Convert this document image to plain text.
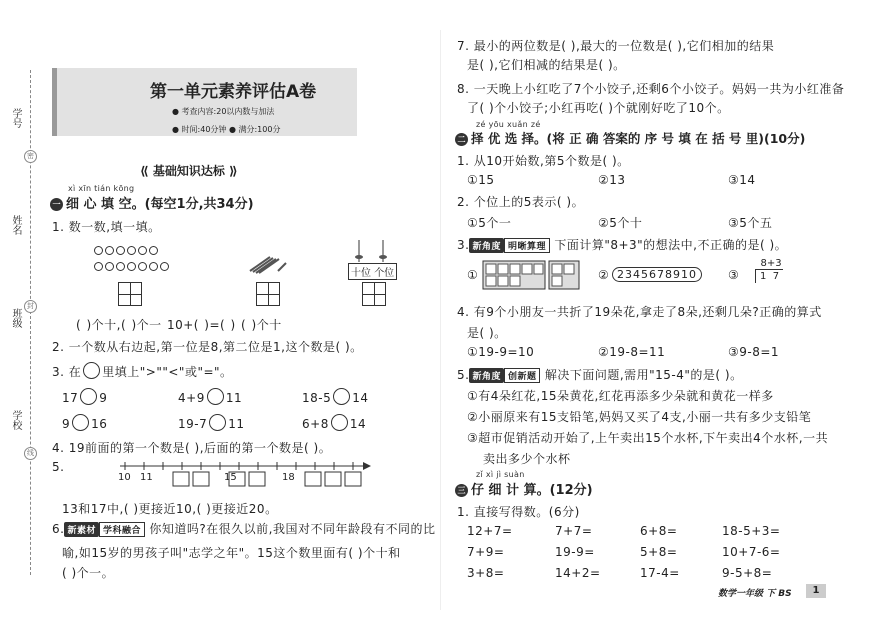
密
封
线
学号
姓名
班级
学校
第一单元素养评估A卷
● 考查内容:20以内数与加法
● 时间:40分钟 ● 满分:100分
⟪ 基础知识达标 ⟫
xì xīn tián kōng
一 细 心 填 空。(每空1分,共34分)
1. 数一数,填一填。
十位 个位
( )个十,( )个一 10+( )=( ) ( )个十
2. 一个数从右边起,第一位是8,第二位是1,这个数是( )。
3. 在 里填上">""<"或"="。
17 9	4+9 11	18-5 14
9 16	19-7 11	6+8 14
4. 19前面的第一个数是( ),后面的第一个数是( )。
5.
10 11	15	18
13和17中,( )更接近10,( )更接近20。
6. 新素材 学科融合 你知道吗?在很久以前,我国对不同年龄段有不同的比
喻,如15岁的男孩子叫"志学之年"。15这个数里面有( )个十和
( )个一。
7. 最小的两位数是( ),最大的一位数是( ),它们相加的结果
是( ),它们相减的结果是( )。
8. 一天晚上小红吃了7个小饺子,还剩6个小饺子。妈妈一共为小红准备
了( )个小饺子;小红再吃( )个就刚好吃了10个。
zé yōu xuǎn zé
二 择 优 选 择。(将 正 确 答案的 序 号 填 在 括 号 里)(10分)
1. 从10开始数,第5个数是( )。
①15	②13	③14
2. 个位上的5表示( )。
①5个一	②5个十	③5个五
3. 新角度 明晰算理 下面计算"8+3"的想法中,不正确的是( )。
①	② 2345678910	③
8+3
1 7
4. 有9个小朋友一共折了19朵花,拿走了8朵,还剩几朵?正确的算式
是( )。
①19-9=10	②19-8=11	③9-8=1
5. 新角度 创新题 解决下面问题,需用"15-4"的是( )。
①有4朵红花,15朵黄花,红花再添多少朵就和黄花一样多
②小丽原来有15支铅笔,妈妈又买了4支,小丽一共有多少支铅笔
③超市促销活动开始了,上午卖出15个水杯,下午卖出4个水杯,一共
卖出多少个水杯
zǐ xì jì suàn
三 仔 细 计 算。(12分)
1. 直接写得数。(6分)
12+7=	7+7=	6+8=	18-5+3=
7+9=	19-9=	5+8=	10+7-6=
3+8=	14+2=	17-4=	9-5+8=
数学一年级 下 BS	1
